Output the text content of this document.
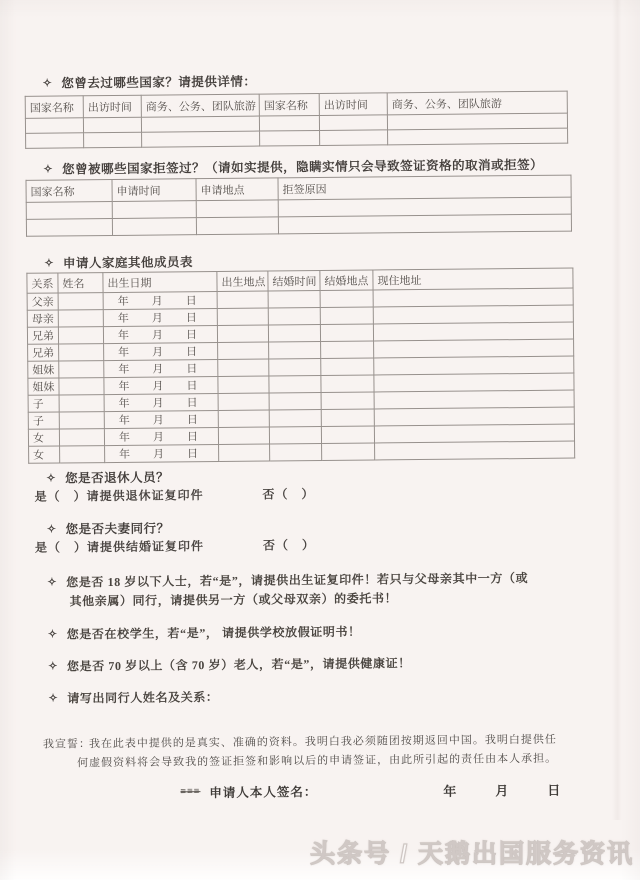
✧ 您曾去过哪些国家？请提供详情：
国家名称	出访时间	商务、公务、团队旅游	国家名称	出访时间	商务、公务、团队旅游

✧ 您曾被哪些国家拒签过？（请如实提供，隐瞒实情只会导致签证资格的取消或拒签）
国家名称	申请时间	申请地点	拒签原因

✧ 申请人家庭其他成员表
关系	姓名	出生日期	出生地点	结婚时间	结婚地点	现住地址
父亲		年　月　日				
母亲		年　月　日				
兄弟		年　月　日				
兄弟		年　月　日				
姐妹		年　月　日				
姐妹		年　月　日				
子		年　月　日				
子		年　月　日				
女		年　月　日				
女		年　月　日				
✧ 您是否退休人员？
是（　）请提供退休证复印件	否（　）
✧ 您是否夫妻同行？
是（　）请提供结婚证复印件	否（　）
✧ 您是否 18 岁以下人士，若“是”，请提供出生证复印件！若只与父母亲其中一方（或
其他亲属）同行，请提供另一方（或父母双亲）的委托书！
✧ 您是否在校学生，若“是”， 请提供学校放假证明书！
✧ 您是否 70 岁以上（含 70 岁）老人，若“是”，请提供健康证！
✧ 请写出同行人姓名及关系：
我宣誓：
我在此表中提供的是真实、准确的资料。我明白我必须随团按期返回中国。我明白提供任
何虚假资料将会导致我的签证拒签和影响以后的申请签证，由此所引起的责任由本人承担。
≡≡≡ 申请人本人签名：	年　月　日
头条号 / 天鹅出国服务资讯
